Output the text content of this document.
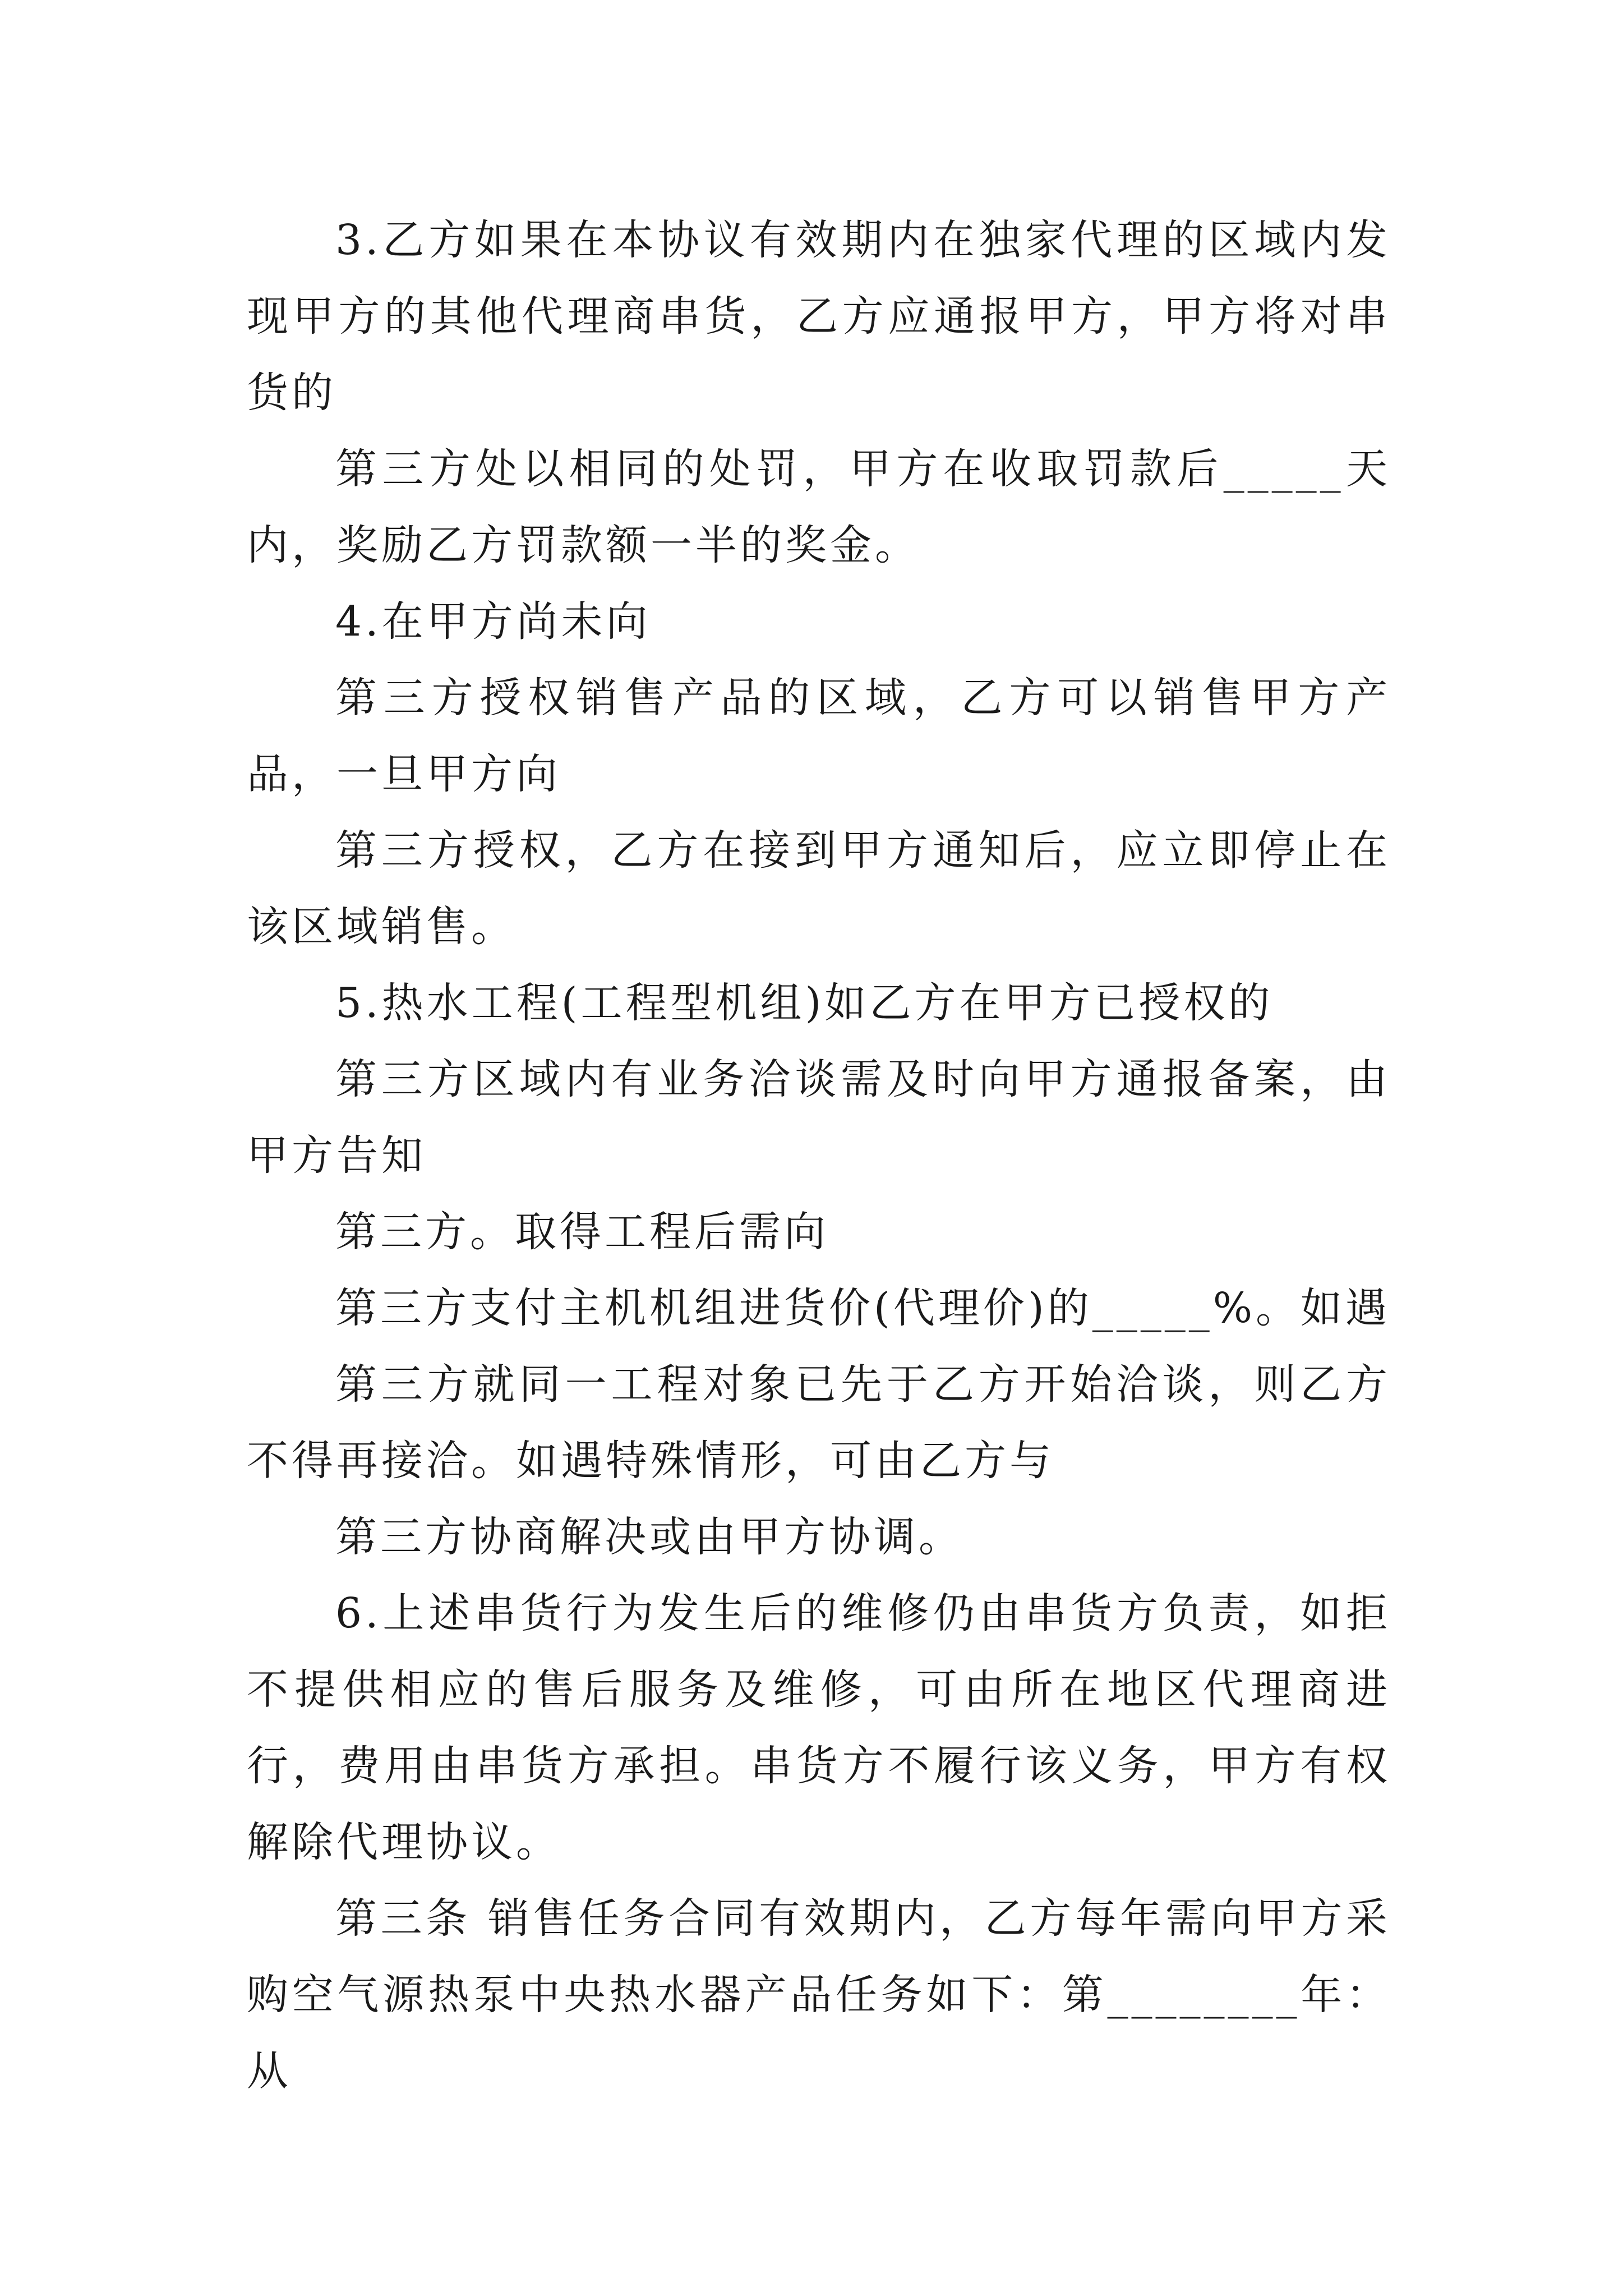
3.乙方如果在本协议有效期内在独家代理的区域内发现甲方的其他代理商串货，乙方应通报甲方，甲方将对串货的

第三方处以相同的处罚，甲方在收取罚款后_____天内，奖励乙方罚款额一半的奖金。

4.在甲方尚未向

第三方授权销售产品的区域，乙方可以销售甲方产品，一旦甲方向

第三方授权，乙方在接到甲方通知后，应立即停止在该区域销售。

5.热水工程(工程型机组)如乙方在甲方已授权的

第三方区域内有业务洽谈需及时向甲方通报备案，由甲方告知

第三方。取得工程后需向

第三方支付主机机组进货价(代理价)的_____%。如遇

第三方就同一工程对象已先于乙方开始洽谈，则乙方不得再接洽。如遇特殊情形，可由乙方与

第三方协商解决或由甲方协调。

6.上述串货行为发生后的维修仍由串货方负责，如拒不提供相应的售后服务及维修，可由所在地区代理商进行，费用由串货方承担。串货方不履行该义务，甲方有权解除代理协议。

第三条 销售任务合同有效期内，乙方每年需向甲方采购空气源热泵中央热水器产品任务如下：第________年：从
